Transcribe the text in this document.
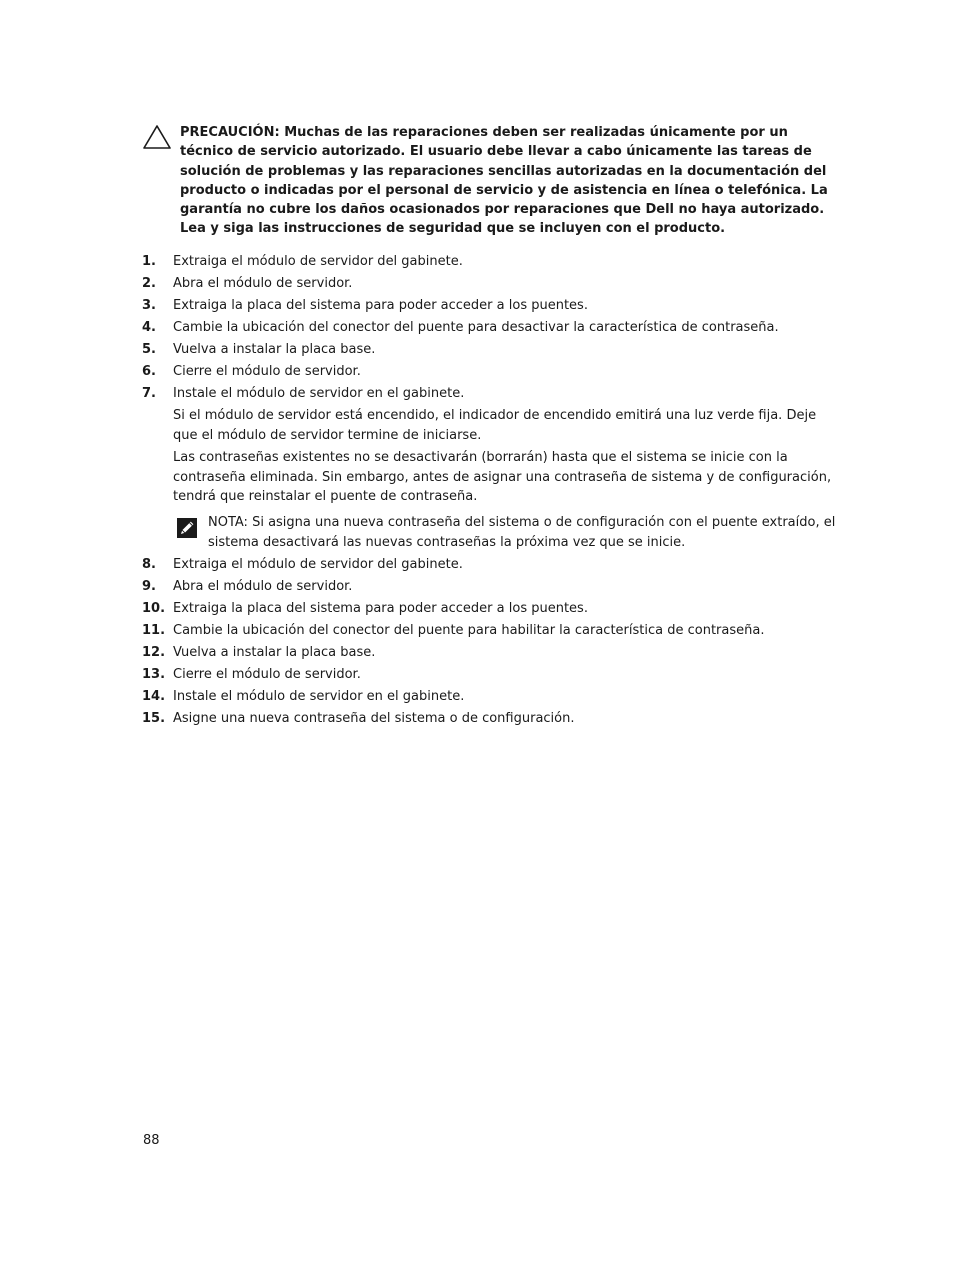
PRECAUCIÓN: Muchas de las reparaciones deben ser realizadas únicamente por un técnico de servicio autorizado. El usuario debe llevar a cabo únicamente las tareas de solución de problemas y las reparaciones sencillas autorizadas en la documentación del producto o indicadas por el personal de servicio y de asistencia en línea o telefónica. La garantía no cubre los daños ocasionados por reparaciones que Dell no haya autorizado. Lea y siga las instrucciones de seguridad que se incluyen con el producto.
1.	Extraiga el módulo de servidor del gabinete.
2.	Abra el módulo de servidor.
3.	Extraiga la placa del sistema para poder acceder a los puentes.
4.	Cambie la ubicación del conector del puente para desactivar la característica de contraseña.
5.	Vuelva a instalar la placa base.
6.	Cierre el módulo de servidor.
7.	Instale el módulo de servidor en el gabinete.
Si el módulo de servidor está encendido, el indicador de encendido emitirá una luz verde fija. Deje que el módulo de servidor termine de iniciarse.
Las contraseñas existentes no se desactivarán (borrarán) hasta que el sistema se inicie con la contraseña eliminada. Sin embargo, antes de asignar una contraseña de sistema y de configuración, tendrá que reinstalar el puente de contraseña.
NOTA: Si asigna una nueva contraseña del sistema o de configuración con el puente extraído, el sistema desactivará las nuevas contraseñas la próxima vez que se inicie.
8.	Extraiga el módulo de servidor del gabinete.
9.	Abra el módulo de servidor.
10. Extraiga la placa del sistema para poder acceder a los puentes.
11. Cambie la ubicación del conector del puente para habilitar la característica de contraseña.
12. Vuelva a instalar la placa base.
13. Cierre el módulo de servidor.
14. Instale el módulo de servidor en el gabinete.
15. Asigne una nueva contraseña del sistema o de configuración.
88
